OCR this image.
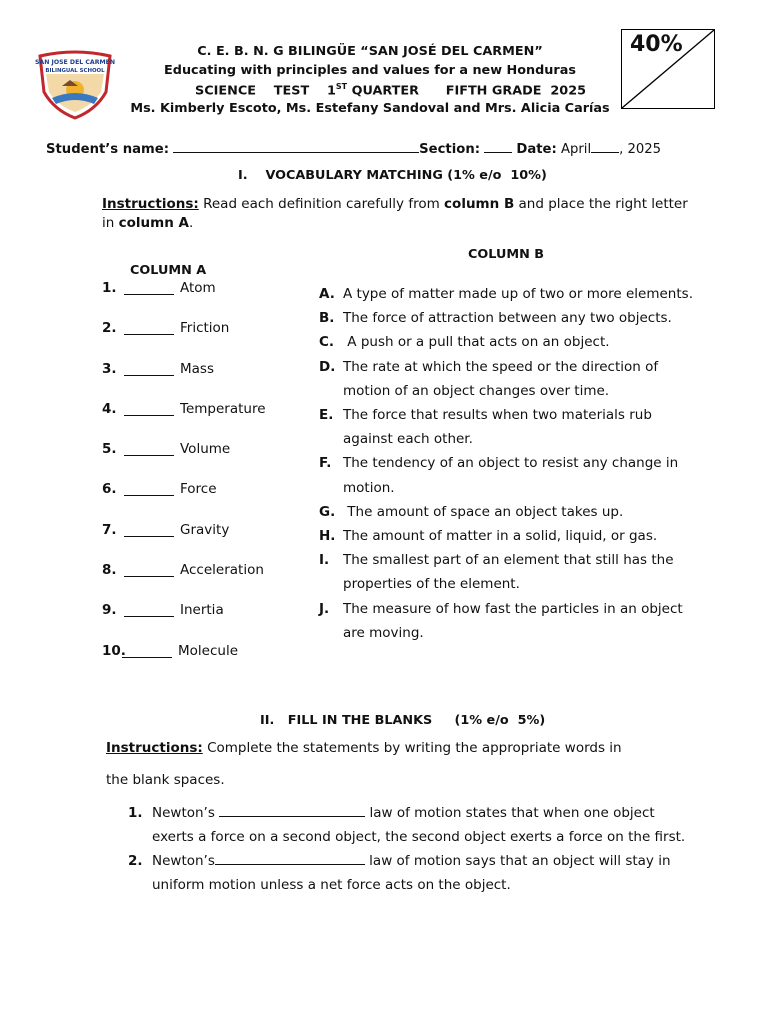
SAN JOSE DEL CARMEN
BILINGUAL SCHOOL
C. E. B. N. G BILINGÜE “SAN JOSÉ DEL CARMEN”
Educating with principles and values for a new Honduras
SCIENCE    TEST    1ST QUARTER      FIFTH GRADE  2025
Ms. Kimberly Escoto, Ms. Estefany Sandoval and Mrs. Alicia Carías
40%
Student’s name:	Section:	Date: April , 2025
I.    VOCABULARY MATCHING (1% e/o  10%)
Instructions: Read each definition carefully from column B and place the right letter in column A.
COLUMN B
COLUMN A
1.	Atom
2.	Friction
3.	Mass
4.	Temperature
5.	Volume
6.	Force
7.	Gravity
8.	Acceleration
9.	Inertia
10.	Molecule
A. A type of matter made up of two or more elements.
B. The force of attraction between any two objects.
C. A push or a pull that acts on an object.
D. The rate at which the speed or the direction of motion of an object changes over time.
E. The force that results when two materials rub against each other.
F. The tendency of an object to resist any change in motion.
G. The amount of space an object takes up.
H. The amount of matter in a solid, liquid, or gas.
I.	The smallest part of an element that still has the properties of the element.
J.	The measure of how fast the particles in an object are moving.
II.   FILL IN THE BLANKS     (1% e/o  5%)
Instructions: Complete the statements by writing the appropriate words in
the blank spaces.
1. Newton’s	law of motion states that when one object exerts a force on a second object, the second object exerts a force on the first.
2. Newton’s	law of motion says that an object will stay in uniform motion unless a net force acts on the object.
